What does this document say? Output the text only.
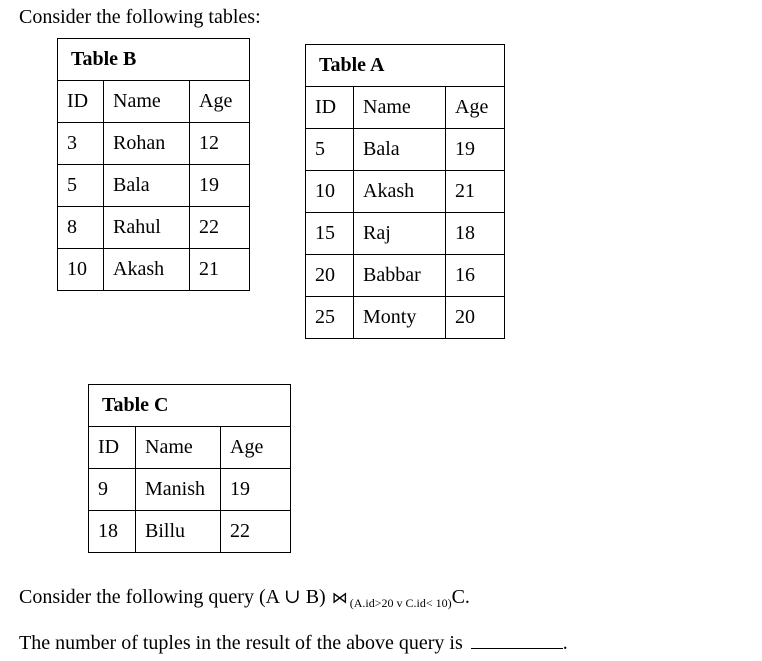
Consider the following tables:
Table B		
ID	Name	Age
3	Rohan	12
5	Bala	19
8	Rahul	22
10	Akash	21
Table A		
ID	Name	Age
5	Bala	19
10	Akash	21
15	Raj	18
20	Babbar	16
25	Monty	20
Table C		
ID	Name	Age
9	Manish	19
18	Billu	22
Consider the following query (A ∪ B) ⋈ $_{(A.id>20 v C.id< 10)}$C.
The number of tuples in the result of the above query is	.
